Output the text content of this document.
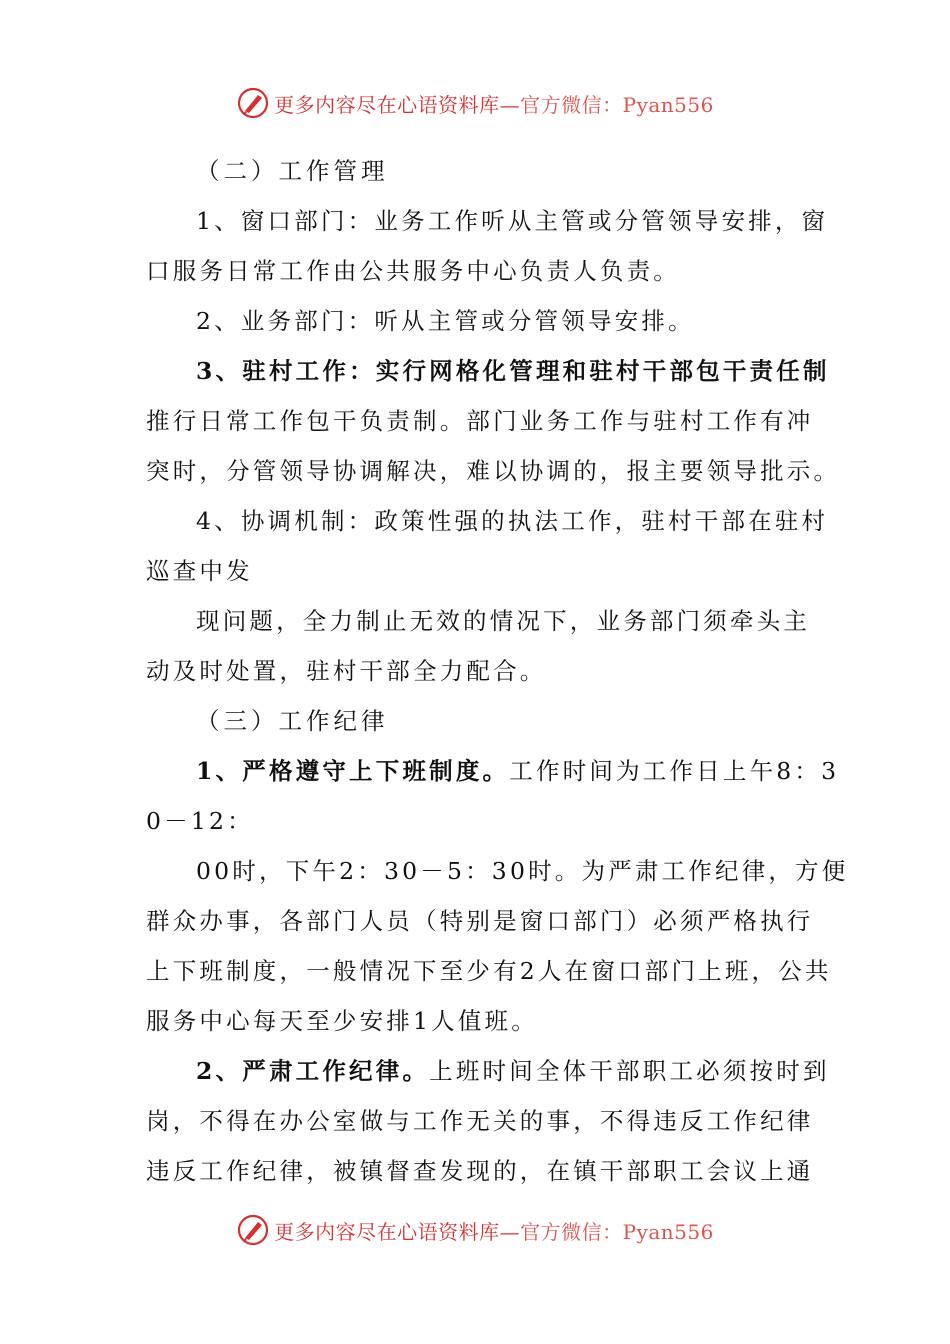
更多内容尽在心语资料库—官方微信：Pyan556
（二）工作管理
1、窗口部门：业务工作听从主管或分管领导安排，窗
口服务日常工作由公共服务中心负责人负责。
2、业务部门：听从主管或分管领导安排。
3、驻村工作：实行网格化管理和驻村干部包干责任制
推行日常工作包干负责制。部门业务工作与驻村工作有冲
突时，分管领导协调解决，难以协调的，报主要领导批示。
4、协调机制：政策性强的执法工作，驻村干部在驻村
巡查中发
现问题，全力制止无效的情况下，业务部门须牵头主
动及时处置，驻村干部全力配合。
（三）工作纪律
1、严格遵守上下班制度。工作时间为工作日上午8：3
0－12：
00时，下午2：30－5：30时。为严肃工作纪律，方便
群众办事，各部门人员（特别是窗口部门）必须严格执行
上下班制度，一般情况下至少有2人在窗口部门上班，公共
服务中心每天至少安排1人值班。
2、严肃工作纪律。上班时间全体干部职工必须按时到
岗，不得在办公室做与工作无关的事，不得违反工作纪律
违反工作纪律，被镇督查发现的，在镇干部职工会议上通
更多内容尽在心语资料库—官方微信：Pyan556
